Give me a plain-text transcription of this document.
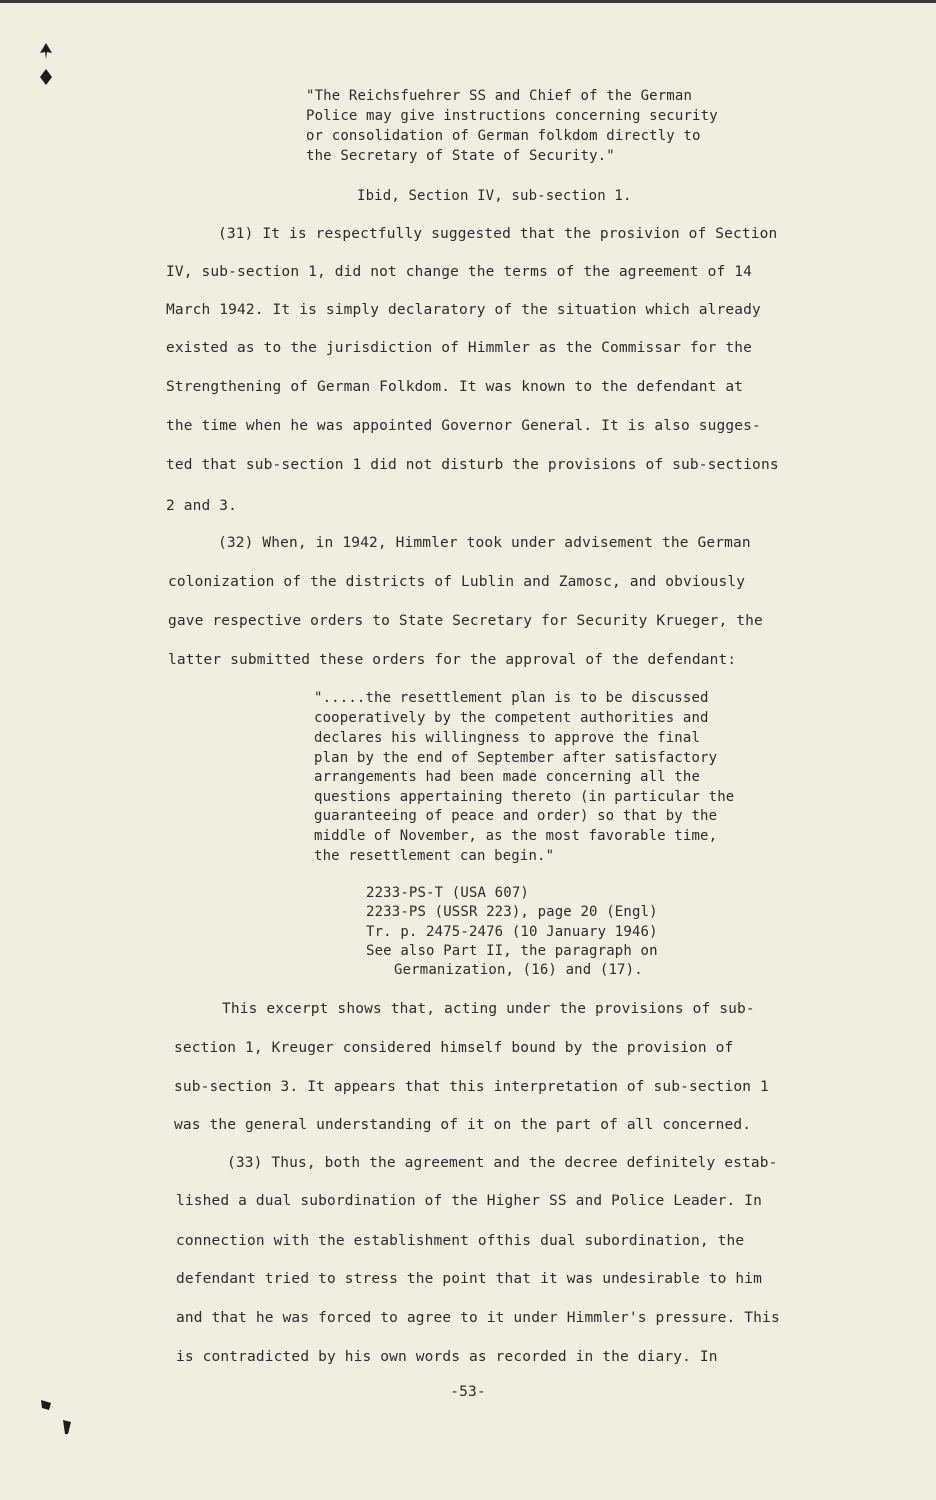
"The Reichsfuehrer SS and Chief of the German

Police may give instructions concerning security

or consolidation of German folkdom directly to

the Secretary of State of Security."

Ibid, Section IV, sub-section 1.

(31) It is respectfully suggested that the prosivion of Section

IV, sub-section 1, did not change the terms of the agreement of 14

March 1942. It is simply declaratory of the situation which already

existed as to the jurisdiction of Himmler as the Commissar for the

Strengthening of German Folkdom. It was known to the defendant at

the time when he was appointed Governor General. It is also sugges-

ted that sub-section 1 did not disturb the provisions of sub-sections

2 and 3.

(32) When, in 1942, Himmler took under advisement the German

colonization of the districts of Lublin and Zamosc, and obviously

gave respective orders to State Secretary for Security Krueger, the

latter submitted these orders for the approval of the defendant:

".....the resettlement plan is to be discussed

cooperatively by the competent authorities and

declares his willingness to approve the final

plan by the end of September after satisfactory

arrangements had been made concerning all the

questions appertaining thereto (in particular the

guaranteeing of peace and order) so that by the

middle of November, as the most favorable time,

the resettlement can begin."

2233-PS-T (USA 607)

2233-PS (USSR 223), page 20 (Engl)

Tr. p. 2475-2476 (10 January 1946)

See also Part II, the paragraph on

Germanization, (16) and (17).

This excerpt shows that, acting under the provisions of sub-

section 1, Kreuger considered himself bound by the provision of

sub-section 3. It appears that this interpretation of sub-section 1

was the general understanding of it on the part of all concerned.

(33) Thus, both the agreement and the decree definitely estab-

lished a dual subordination of the Higher SS and Police Leader. In

connection with the establishment ofthis dual subordination, the

defendant tried to stress the point that it was undesirable to him

and that he was forced to agree to it under Himmler's pressure. This

is contradicted by his own words as recorded in the diary. In

-53-
